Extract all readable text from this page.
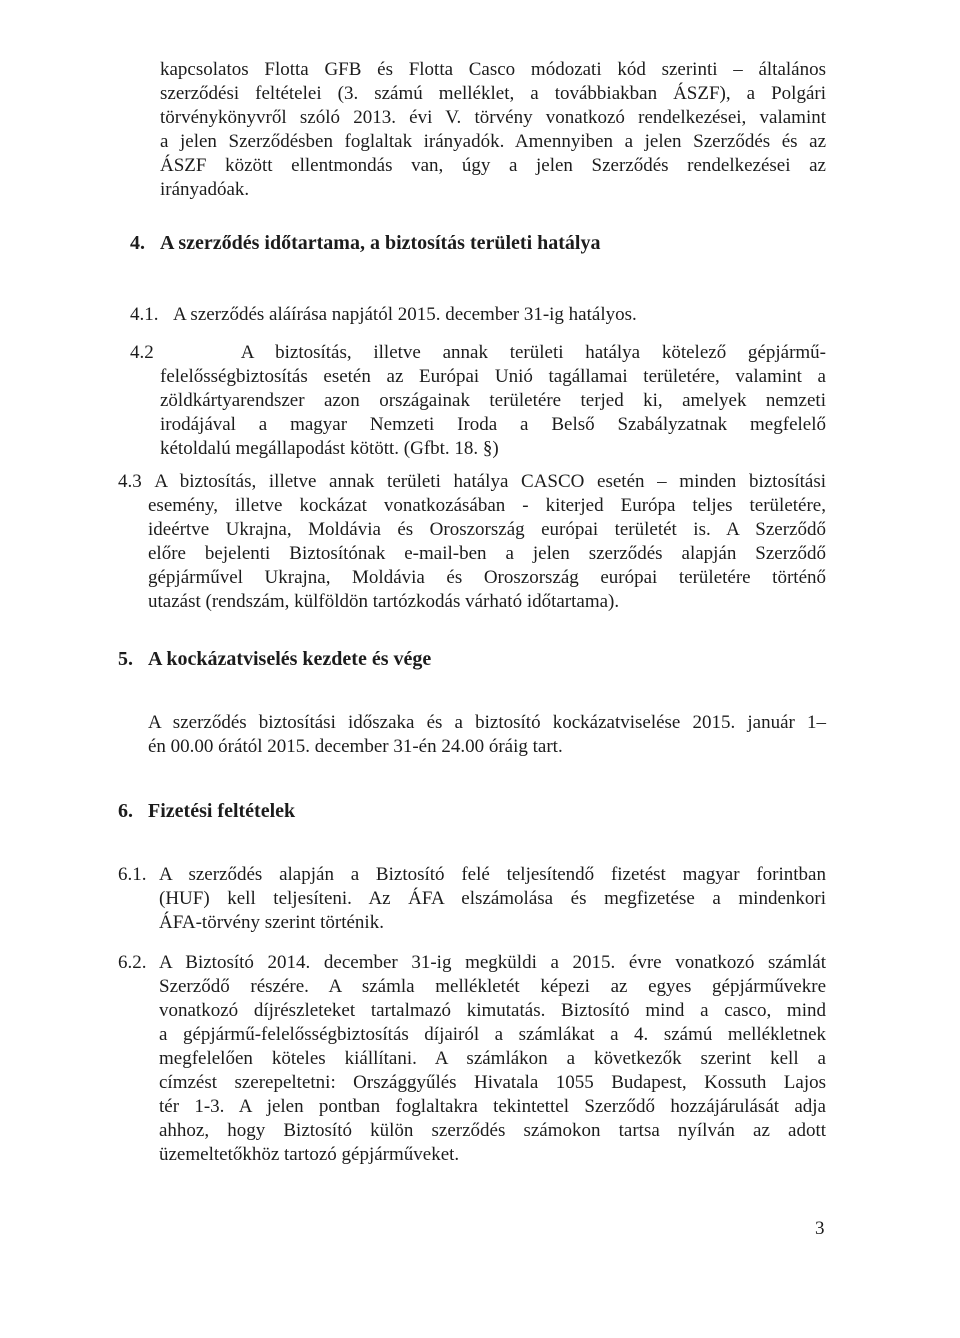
kapcsolatos Flotta GFB és Flotta Casco módozati kód szerinti – általános
szerződési feltételei (3. számú melléklet, a továbbiakban ÁSZF), a Polgári
törvénykönyvről szóló 2013. évi V. törvény vonatkozó rendelkezései, valamint
a jelen Szerződésben foglaltak irányadók. Amennyiben a jelen Szerződés és az
ÁSZF között ellentmondás van, úgy a jelen Szerződés rendelkezései az
irányadóak.
4. A szerződés időtartama, a biztosítás területi hatálya
4.1. A szerződés aláírása napjától 2015. december 31-ig hatályos.
4.2	A biztosítás, illetve annak területi hatálya kötelező gépjármű-
felelősségbiztosítás esetén az Európai Unió tagállamai területére, valamint a
zöldkártyarendszer azon országainak területére terjed ki, amelyek nemzeti
irodájával a magyar Nemzeti Iroda a Belső Szabályzatnak megfelelő
kétoldalú megállapodást kötött. (Gfbt. 18. §)
4.3 A biztosítás, illetve annak területi hatálya CASCO esetén – minden biztosítási
esemény, illetve kockázat vonatkozásában - kiterjed Európa teljes területére,
ideértve Ukrajna, Moldávia és Oroszország európai területét is. A Szerződő
előre bejelenti Biztosítónak e-mail-ben a jelen szerződés alapján Szerződő
gépjárművel Ukrajna, Moldávia és Oroszország európai területére történő
utazást (rendszám, külföldön tartózkodás várható időtartama).
5. A kockázatviselés kezdete és vége
A szerződés biztosítási időszaka és a biztosító kockázatviselése 2015. január 1–
én 00.00 órától 2015. december 31-én 24.00 óráig tart.
6. Fizetési feltételek
6.1. A szerződés alapján a Biztosító felé teljesítendő fizetést magyar forintban
(HUF) kell teljesíteni. Az ÁFA elszámolása és megfizetése a mindenkori
ÁFA-törvény szerint történik.
6.2. A Biztosító 2014. december 31-ig megküldi a 2015. évre vonatkozó számlát
Szerződő részére. A számla mellékletét képezi az egyes gépjárművekre
vonatkozó díjrészleteket tartalmazó kimutatás. Biztosító mind a casco, mind
a gépjármű-felelősségbiztosítás díjairól a számlákat a 4. számú mellékletnek
megfelelően köteles kiállítani. A számlákon a következők szerint kell a
címzést szerepeltetni: Országgyűlés Hivatala 1055 Budapest, Kossuth Lajos
tér 1-3. A jelen pontban foglaltakra tekintettel Szerződő hozzájárulását adja
ahhoz, hogy Biztosító külön szerződés számokon tartsa nyílván az adott
üzemeltetőkhöz tartozó gépjárműveket.
3
